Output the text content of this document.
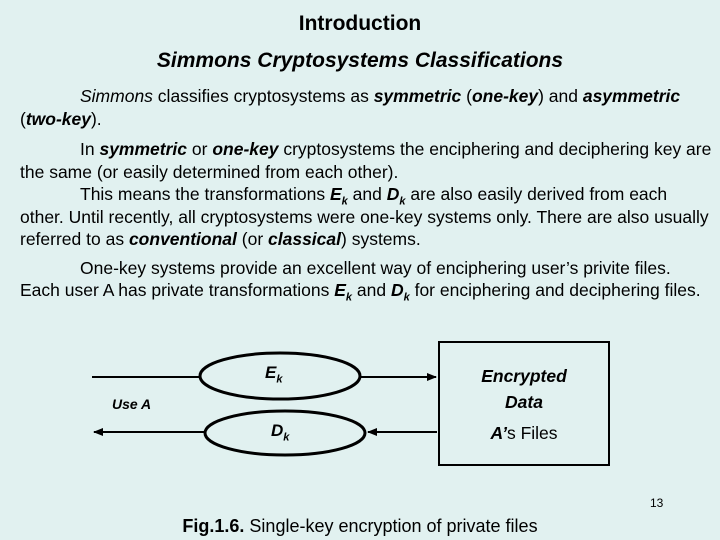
Introduction
Simmons Cryptosystems Classifications

Simmons classifies cryptosystems as symmetric (one-key) and asymmetric (two-key).

In symmetric or one-key cryptosystems the enciphering and deciphering key are the same (or easily determined from each other).

This means the transformations $E_k$ and $D_k$ are also easily derived from each other. Until recently, all cryptosystems were one-key systems only. There are also usually referred to as conventional (or classical) systems.

One-key systems provide an excellent way of enciphering user’s privite files. Each user A has private transformations $E_k$ and $D_k$ for enciphering and deciphering files.

$E_k$
$D_k$
Use A
Encrypted
Data
A’s Files
13
Fig.1.6. Single-key encryption of private files
